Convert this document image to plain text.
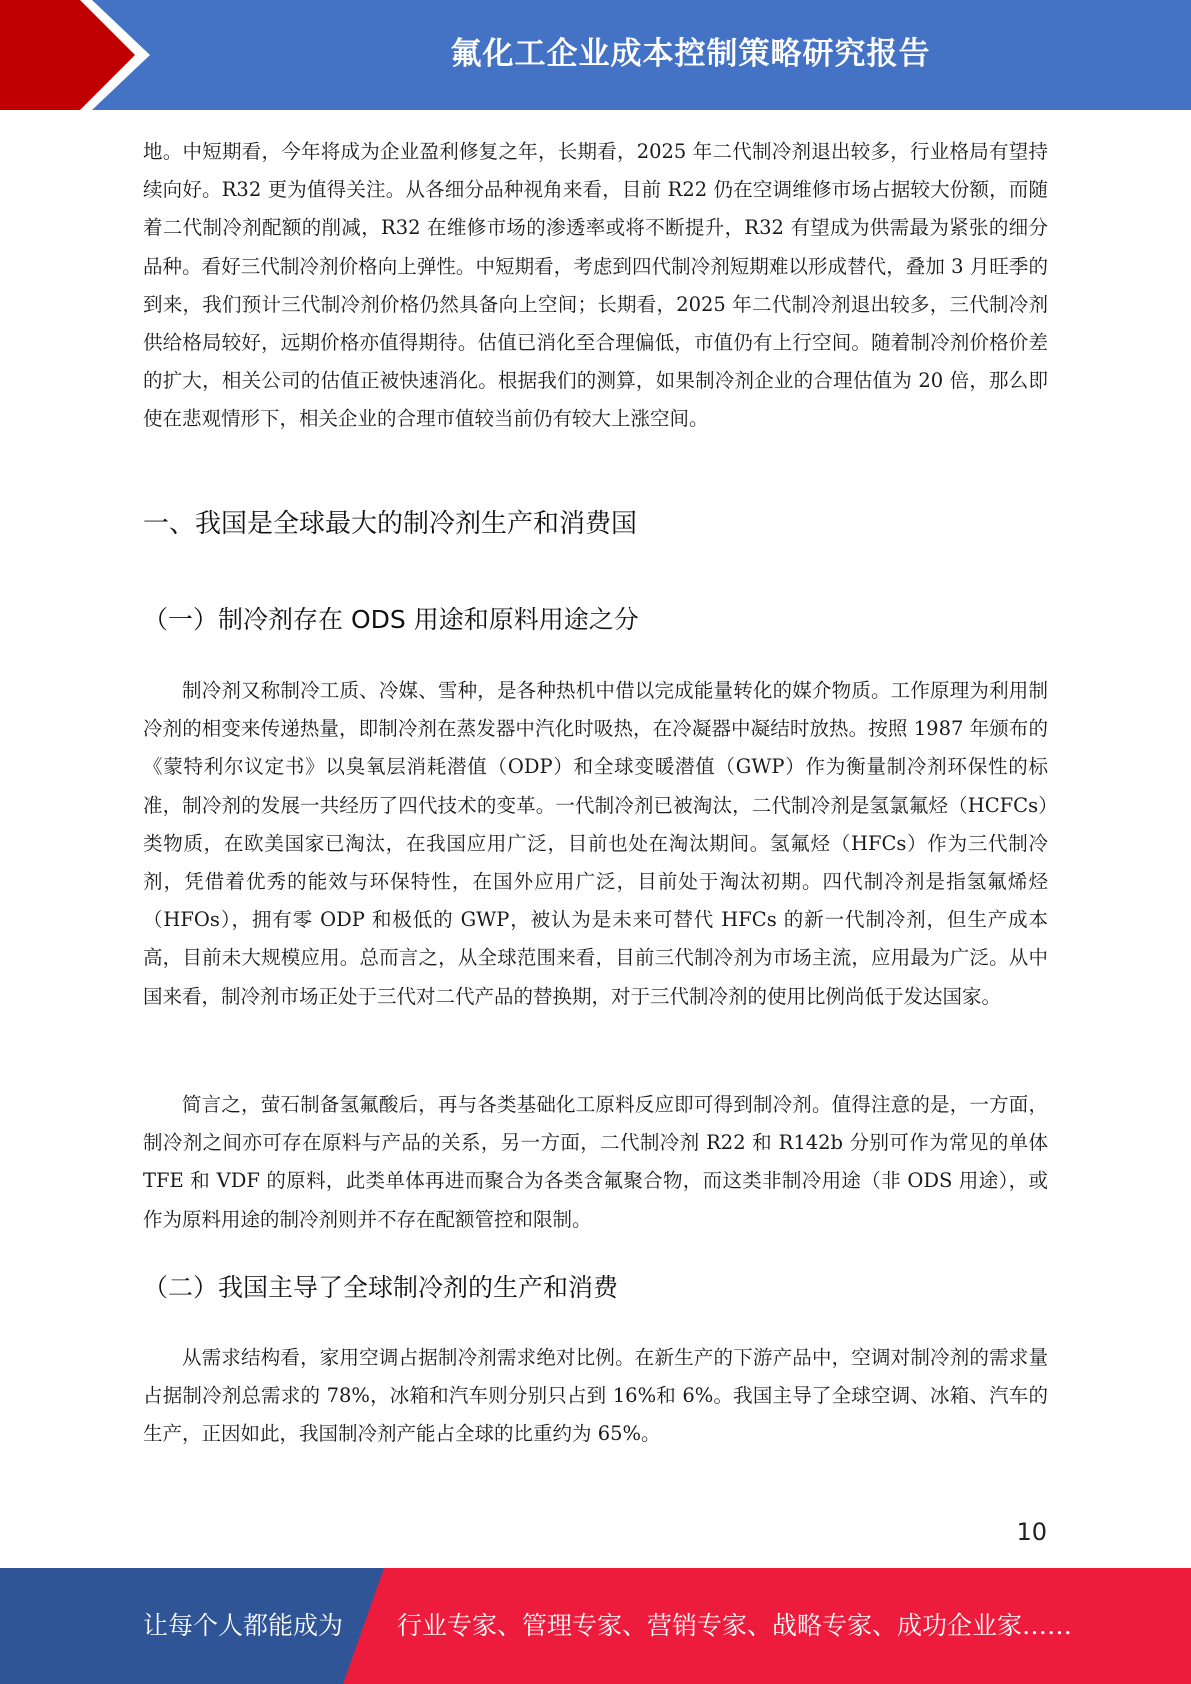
氟化工企业成本控制策略研究报告

地。中短期看，今年将成为企业盈利修复之年，长期看，2025 年二代制冷剂退出较多，行业格局有望持续向好。R32 更为值得关注。从各细分品种视角来看，目前 R22 仍在空调维修市场占据较大份额，而随着二代制冷剂配额的削减，R32 在维修市场的渗透率或将不断提升，R32 有望成为供需最为紧张的细分品种。看好三代制冷剂价格向上弹性。中短期看，考虑到四代制冷剂短期难以形成替代，叠加 3 月旺季的到来，我们预计三代制冷剂价格仍然具备向上空间；长期看，2025 年二代制冷剂退出较多，三代制冷剂供给格局较好，远期价格亦值得期待。估值已消化至合理偏低，市值仍有上行空间。随着制冷剂价格价差的扩大，相关公司的估值正被快速消化。根据我们的测算，如果制冷剂企业的合理估值为 20 倍，那么即使在悲观情形下，相关企业的合理市值较当前仍有较大上涨空间。

一、我国是全球最大的制冷剂生产和消费国
（一）制冷剂存在 ODS 用途和原料用途之分

制冷剂又称制冷工质、冷媒、雪种，是各种热机中借以完成能量转化的媒介物质。工作原理为利用制冷剂的相变来传递热量，即制冷剂在蒸发器中汽化时吸热，在冷凝器中凝结时放热。按照 1987 年颁布的《蒙特利尔议定书》以臭氧层消耗潜值（ODP）和全球变暖潜值（GWP）作为衡量制冷剂环保性的标准，制冷剂的发展一共经历了四代技术的变革。一代制冷剂已被淘汰，二代制冷剂是氢氯氟烃（HCFCs）类物质，在欧美国家已淘汰，在我国应用广泛，目前也处在淘汰期间。氢氟烃（HFCs）作为三代制冷剂，凭借着优秀的能效与环保特性，在国外应用广泛，目前处于淘汰初期。四代制冷剂是指氢氟烯烃（HFOs），拥有零 ODP 和极低的 GWP，被认为是未来可替代 HFCs 的新一代制冷剂，但生产成本高，目前未大规模应用。总而言之，从全球范围来看，目前三代制冷剂为市场主流，应用最为广泛。从中国来看，制冷剂市场正处于三代对二代产品的替换期，对于三代制冷剂的使用比例尚低于发达国家。

简言之，萤石制备氢氟酸后，再与各类基础化工原料反应即可得到制冷剂。值得注意的是，一方面，制冷剂之间亦可存在原料与产品的关系，另一方面，二代制冷剂 R22 和 R142b 分别可作为常见的单体 TFE 和 VDF 的原料，此类单体再进而聚合为各类含氟聚合物，而这类非制冷用途（非 ODS 用途），或作为原料用途的制冷剂则并不存在配额管控和限制。

（二）我国主导了全球制冷剂的生产和消费

从需求结构看，家用空调占据制冷剂需求绝对比例。在新生产的下游产品中，空调对制冷剂的需求量占据制冷剂总需求的 78%，冰箱和汽车则分别只占到 16%和 6%。我国主导了全球空调、冰箱、汽车的生产，正因如此，我国制冷剂产能占全球的比重约为 65%。

10
让每个人都能成为 行业专家、管理专家、营销专家、战略专家、成功企业家……
